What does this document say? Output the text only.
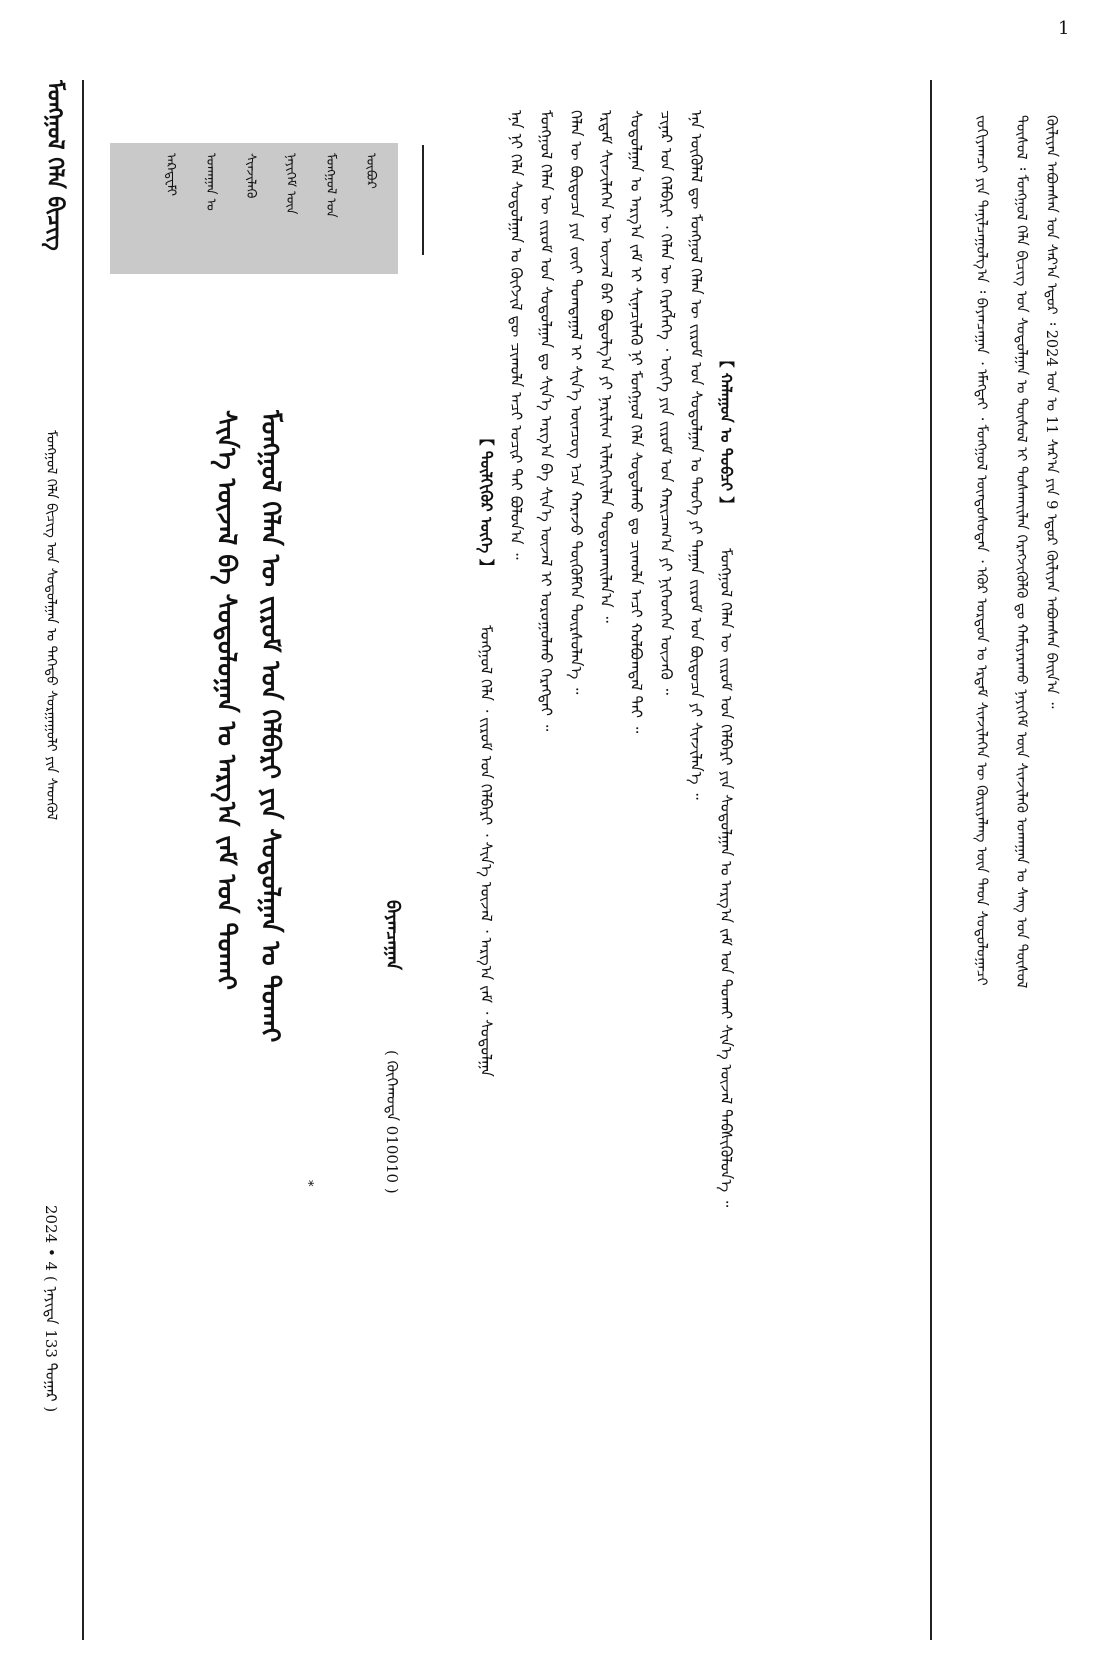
1
ᠮᠣᠩᠭᠣᠯ ᠬᠡᠯᠡ ᠪᠢᠴᠢᠭ
ᠮᠣᠩᠭᠣᠯ ᠬᠡᠯᠡ ᠪᠢᠴᠢᠭ ᠤᠨ ᠰᠣᠳᠤᠯᠭᠠᠨ ᠤ ᠳᠡᠭᠡᠳᠦ ᠰᠤᠷᠭᠠᠭᠤᠯᠢ ᠶᠢᠨ ᠰᠡᠳᠬᠦᠯ
2024 • 4 ( ᠨᠡᠶᠢᠲᠡ 133 ᠳᠤᠭᠠᠷ )
ᠥᠪᠥᠷ
ᠮᠣᠩᠭᠣᠯ ᠤᠨ
ᠨᠡᠶᠢᠭᠡᠮ ᠦᠨ
ᠰᠢᠨᠵᠢᠯᠡᠬᠦ
ᠤᠬᠠᠭᠠᠨ ᠤ
ᠠᠺᠠᠳᠧᠮᠢ
ᠰᠢᠨ᠎ᠡ ᠦᠵᠡᠯ ᠪᠠ ᠰᠤᠳᠤᠯᠤᠭᠠᠨ ᠤ ᠠᠷᠭ᠎ᠠ ᠵᠠᠮ ᠤᠨ ᠲᠤᠬᠠᠢ ᠮᠣᠩᠭᠣᠯ ᠬᠡᠯᠡᠨ ᠦ ᠵᠢᠷᠤᠮ ᠤᠨ ᠬᠡᠯᠪᠡᠷᠢ ᠶᠢᠨ ᠰᠣᠳᠤᠯᠭᠠᠨ ᠤ ᠲᠤᠬᠠᠢ
*
ᠪᠠᠶᠠᠨᠴᠠᠭᠠᠨ
( ᠬᠥᠬᠡᠬᠣᠲᠠ 010010 )
【 ᠬᠠᠯᠠᠭᠤᠨ ᠤ ᠲᠣᠪᠴᠢ 】
ᠮᠣᠩᠭᠣᠯ ᠬᠡᠯᠡᠨ ᠦ ᠵᠢᠷᠤᠮ ᠤᠨ ᠬᠡᠯᠪᠡᠷᠢ ᠶᠢᠨ ᠰᠣᠳᠤᠯᠭᠠᠨ ᠤ ᠠᠷᠭ᠎ᠠ ᠵᠠᠮ ᠤᠨ ᠲᠤᠬᠠᠢ ᠰᠢᠨ᠎ᠡ ᠦᠵᠡᠯ ᠳᠡᠪᠰᠢᠭᠦᠯᠦᠨ᠎ᠡ ᠃
ᠡᠨᠡ ᠥᠭᠦᠯᠡᠯ ᠳᠦ ᠮᠣᠩᠭᠣᠯ ᠬᠡᠯᠡᠨ ᠦ ᠵᠢᠷᠤᠮ ᠤᠨ ᠰᠣᠳᠤᠯᠭᠠᠨ ᠤ ᠲᠡᠦᠬᠡ ᠶᠢ ᠳᠠᠭᠠᠨ ᠵᠢᠷᠤᠮ ᠤᠨ ᠪᠦᠲᠦᠴᠡ ᠶᠢ ᠰᠢᠨᠵᠢᠯᠡᠨ᠎ᠡ ᠃
ᠴᠢᠨᠠᠷ ᠤᠨ ᠬᠡᠯᠪᠡᠷᠢ ᠂ ᠬᠡᠯᠡᠨ ᠦ ᠬᠡᠷᠡᠭᠯᠡᠭᠡ ᠂ ᠦᠭᠡ ᠶᠢᠨ ᠵᠢᠷᠤᠮ ᠤᠨ ᠬᠠᠷᠢᠴᠠᠭ᠎ᠠ ᠶᠢ ᠨᠢᠭᠡᠳᠭᠡᠨ ᠦᠵᠡᠬᠦ ᠃
ᠰᠣᠳᠤᠯᠭᠠᠨ ᠤ ᠠᠷᠭ᠎ᠠ ᠵᠠᠮ ᠢ ᠰᠢᠨᠡᠴᠢᠯᠡᠬᠦ ᠨᠢ ᠮᠣᠩᠭᠣᠯ ᠬᠡᠯᠡ ᠰᠣᠳᠤᠯᠬᠤ ᠳᠤ ᠴᠢᠬᠤᠯᠠ ᠠᠴᠢ ᠬᠣᠯᠪᠣᠭᠳᠠᠯ ᠲᠠᠢ ᠃
ᠡᠷᠳᠡᠮ ᠰᠢᠨᠵᠢᠯᠡᠭᠡᠨ ᠦ ᠦᠵᠡᠯ ᠪᠠᠷ ᠪᠣᠳᠣᠯᠭ᠎ᠠ ᠶᠢ ᠨᠠᠷᠢᠯᠢᠭ ᠢᠯᠡᠷᠬᠡᠢᠯᠡᠨ ᠲᠣᠳᠣᠷᠬᠠᠢᠯᠠᠨ᠎ᠠ ᠃
ᠬᠡᠯᠡᠨ ᠦ ᠪᠦᠲᠦᠴᠡ ᠶᠢᠨ ᠵᠦᠢ ᠲᠣᠭᠲᠠᠭᠠᠯ ᠢ ᠰᠢᠨ᠎ᠡ ᠥᠨᠴᠥᠭ ᠡᠴᠡ ᠬᠠᠷᠠᠵᠤ ᠳᠦᠭᠦᠮᠬᠡᠨ ᠳᠦᠷᠰᠦᠯᠡᠨ᠎ᠡ ᠃
ᠮᠣᠩᠭᠣᠯ ᠬᠡᠯᠡᠨ ᠦ ᠵᠢᠷᠤᠮ ᠤᠨ ᠰᠣᠳᠤᠯᠭᠠᠨ ᠳᠤ ᠰᠢᠨ᠎ᠡ ᠠᠷᠭ᠎ᠠ ᠪᠠ ᠰᠢᠨ᠎ᠡ ᠦᠵᠡᠯ ᠢ ᠣᠷᠤᠭᠤᠯᠬᠤ ᠬᠡᠷᠡᠭᠲᠡᠢ ᠃
ᠡᠨᠡ ᠨᠢ ᠬᠡᠯᠡ ᠰᠣᠳᠤᠯᠭᠠᠨ ᠤ ᠬᠥᠭᠵᠢᠯ ᠳᠦ ᠴᠢᠬᠤᠯᠠ ᠠᠴᠢ ᠤᠴᠢᠷ ᠲᠠᠢ ᠪᠣᠯᠤᠨ᠎ᠠ ᠃
【 ᠲᠦᠯᠬᠢᠭᠦᠷ ᠦᠭᠡ 】
ᠮᠣᠩᠭᠣᠯ ᠬᠡᠯᠡ ᠂ ᠵᠢᠷᠤᠮ ᠤᠨ ᠬᠡᠯᠪᠡᠷᠢ ᠂ ᠰᠢᠨ᠎ᠡ ᠦᠵᠡᠯ ᠂ ᠠᠷᠭ᠎ᠠ ᠵᠠᠮ ᠂ ᠰᠣᠳᠤᠯᠭᠠ
ᠬᠦᠯᠢᠶᠡᠨ ᠠᠪᠤᠭᠰᠠᠨ ᠣᠨ ᠰᠠᠷ᠎ᠠ ᠡᠳᠦᠷ ᠄ 2024 ᠣᠨ ᠤ 11 ᠰᠠᠷ᠎ᠠ ᠶᠢᠨ 9 ᠡᠳᠦᠷ ᠬᠦᠯᠢᠶᠡᠨ ᠠᠪᠤᠭᠰᠠᠨ ᠪᠠᠢᠨ᠎ᠠ ᠃
ᠲᠥᠰᠥᠯ ᠄ ᠮᠣᠩᠭᠣᠯ ᠬᠡᠯᠡ ᠪᠢᠴᠢᠭ ᠤᠨ ᠰᠣᠳᠤᠯᠭᠠᠨ ᠤ ᠲᠥᠰᠥᠯ ᠢ ᠲᠤᠰᠬᠠᠶ᠋ᠢᠯᠠᠨ ᠬᠡᠷᠡᠭᠵᠢᠭᠦᠯᠬᠦ ᠳᠤ ᠬᠠᠮᠢᠶᠠᠷᠠᠬᠤ ᠨᠡᠶᠢᠭᠡᠮ ᠦᠨ ᠰᠢᠨᠵᠢᠯᠡᠬᠦ ᠤᠬᠠᠭᠠᠨ ᠤ ᠰᠠᠩ ᠤᠨ ᠲᠥᠰᠥᠯ
ᠵᠣᠬᠢᠶᠠᠭᠴᠢ ᠶᠢᠨ ᠲᠠᠨᠢᠯᠴᠠᠭᠤᠯᠭ᠎ᠠ ᠄ ᠪᠠᠶᠠᠨᠴᠠᠭᠠᠨ ᠂ ᠡᠮᠡᠭᠲᠡᠢ ᠂ ᠮᠣᠩᠭᠣᠯ ᠦᠨᠳᠦᠰᠦᠲᠡᠨ ᠂ ᠡᠭᠦᠷ ᠣᠷᠳᠤᠨ ᠤ ᠡᠷᠳᠡᠮ ᠰᠢᠨᠵᠢᠯᠡᠭᠡᠨ ᠦ ᠬᠦᠷᠢᠶᠡᠯᠡᠩ ᠦᠨ ᠳᠡᠳ ᠰᠤᠳᠤᠯᠤᠭᠠᠴᠢ
